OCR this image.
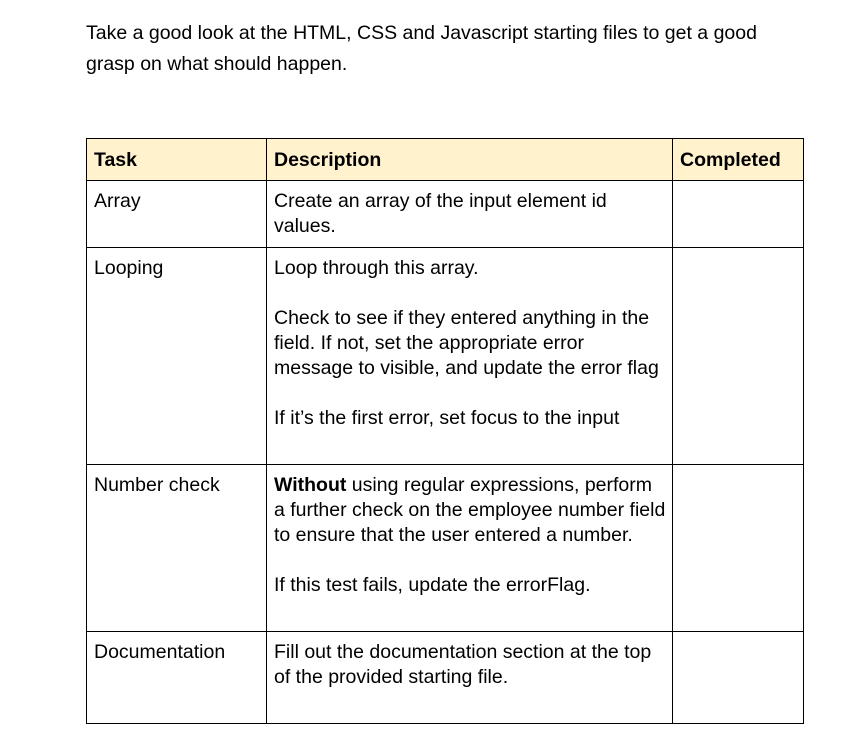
Take a good look at the HTML, CSS and Javascript starting files to get a good grasp on what should happen.

Task	Description	Completed
Array	Create an array of the input element id values.	

Looping	Loop through this array.
Check to see if they entered anything in the field. If not, set the appropriate error message to visible, and update the error flag
If it’s the first error, set focus to the input	

Number check	Without using regular expressions, perform a further check on the employee number field to ensure that the user entered a number.
If this test fails, update the errorFlag.	

Documentation	Fill out the documentation section at the top of the provided starting file.	
